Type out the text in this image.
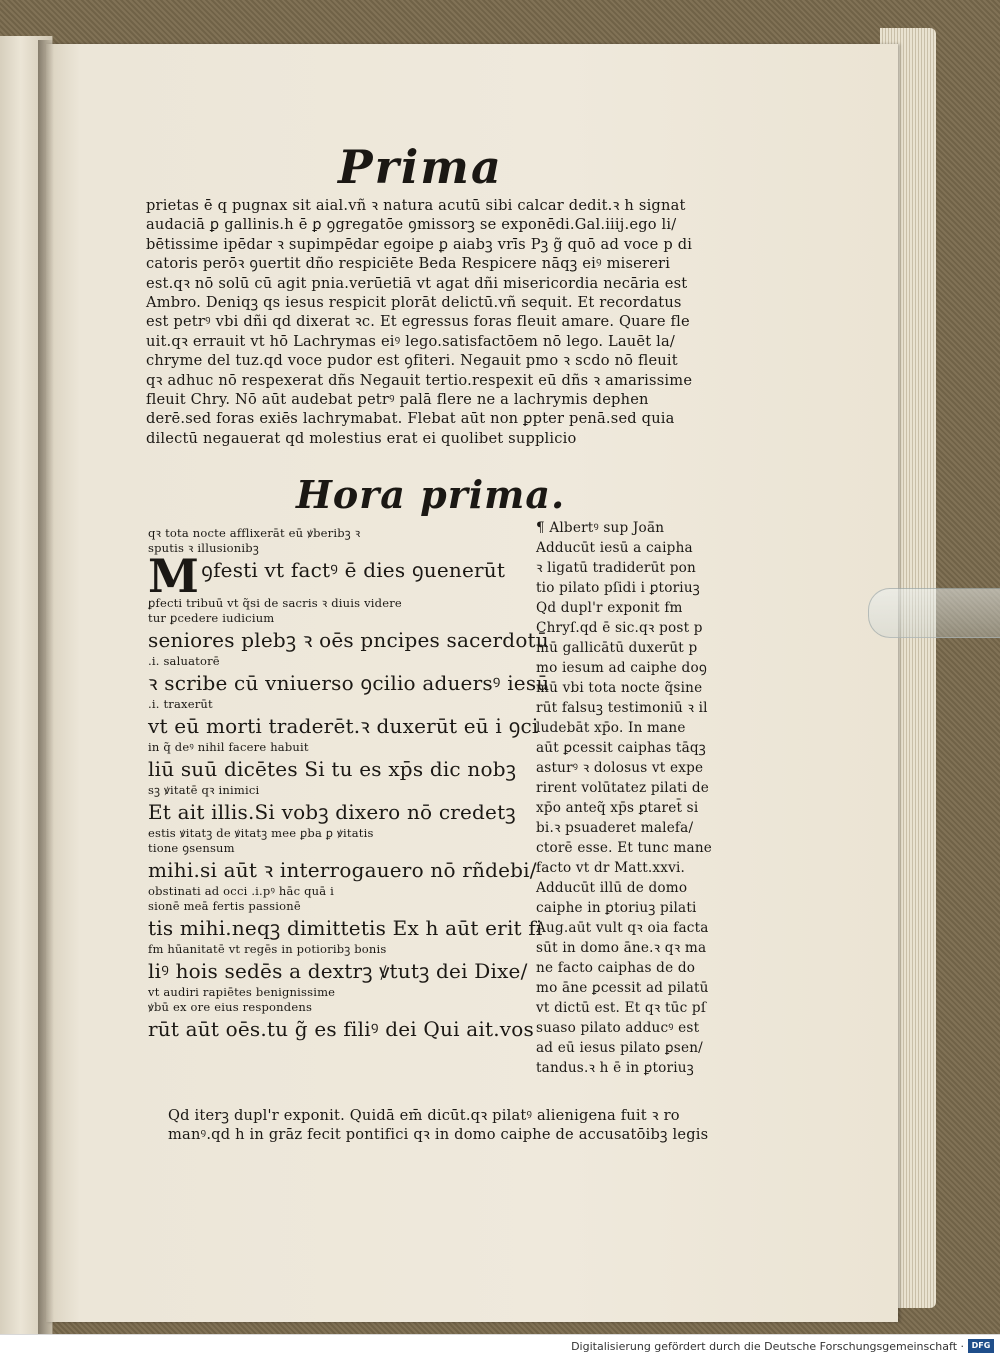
Prima
prietas ē q pugnax sit aial.vñ ꝛ natura acutū sibi calcar dedit.ꝛ h signat
audaciā ꝑ gallinis.h ē ꝑ ꝯgregatōe ꝯmissorꝫ se exponēdi.Gal.iiij.ego li/
bētissime ipēdar ꝛ supimpēdar egoipe ꝑ aiabꝫ vrīs Pꝫ g̃ quō ad voce p di
catoris perōꝛ ꝯuertit dño respiciēte Beda Respicere nāqꝫ eiꝰ misereri
est.qꝛ nō solū cū agit pnia.verūetiā vt agat dñi misericordia necāria est
Ambro. Deniqꝫ qs iesus respicit plorāt delictū.vñ sequit. Et recordatus
est petrꝰ vbi dñi qd dixerat ꝛc. Et egressus foras fleuit amare. Quare fle
uit.qꝛ errauit vt hō Lachrymas eiꝰ lego.satisfactōem nō lego. Lauēt la/
chryme del tuz.qd voce pudor est ꝯfiteri. Negauit pmo ꝛ scdo nō fleuit
qꝛ adhuc nō respexerat dñs Negauit tertio.respexit eū dñs ꝛ amarissime
fleuit Chry. Nō aūt audebat petrꝰ palā flere ne a lachrymis dephen
derē.sed foras exiēs lachrymabat. Flebat aūt non ꝑpter penā.sed quia
dilectū negauerat qd molestius erat ei quolibet supplicio
Hora prima.
qꝛ tota nocte afflixerāt eū ꝟberibꝫ ꝛ
sputis ꝛ illusionibꝫ
Mꝯfesti vt factꝰ ē dies ꝯuenerūt
ꝑfecti tribuū vt q̃si de sacris ꝛ diuis videre
tur ꝑcedere iudicium
seniores plebꝫ ꝛ oēs pncipes sacerdotū
.i. saluatorē
ꝛ scribe cū vniuerso ꝯcilio aduersꝰ iesū
.i. traxerūt
vt eū morti traderēt.ꝛ duxerūt eū i ꝯci
in q̃ deꝰ nihil facere habuit
liū suū dicētes Si tu es xp̄s dic nobꝫ
sꝫ ꝟitatē qꝛ inimici
Et ait illis.Si vobꝫ dixero nō credetꝫ
estis ꝟitatꝫ de ꝟitatꝫ mee ꝑba ꝑ ꝟitatis
tione ꝯsensum
mihi.si aūt ꝛ interrogauero nō rñdebi/
obstinati ad occi .i.pꝰ hāc quā i
sionē meā fertis passionē
tis mihi.neqꝫ dimittetis Ex h aūt erit fi
fm hūanitatē vt regēs in potioribꝫ bonis
liꝰ hois sedēs a dextrꝫ ꝟtutꝫ dei Dixe/
vt audiri rapiētes benignissime
ꝟbū ex ore eius respondens
rūt aūt oēs.tu g̃ es filiꝰ dei Qui ait.vos
¶ Albertꝰ sup Joā̄n
Adducūt iesū a caipha
ꝛ ligatū tradiderūt pon
tio pilato pſidi i ꝑtoriuꝫ
Qd dupl'r exponit fm
Chryſ.qd ē sic.qꝛ post p
mū gallicātū duxerūt p
mo iesum ad caiphe doꝯ
mū vbi tota nocte q̃sine
rūt falsuꝫ testimoniū ꝛ il
ludebāt xp̄o. In mane
aūt ꝑcessit caiphas tāqꝫ
asturꝰ ꝛ dolosus vt expe
rirent volūtatez pilati de
xp̄o anteq̃ xp̄s ꝑtaret̄ si
bi.ꝛ psuaderet malefa/
ctorē esse. Et tunc mane
facto vt dr Matt.xxvi.
Adducūt illū de domo
caiphe in ꝑtoriuꝫ pilati
Aug.aūt vult qꝛ oia facta
sūt in domo āne.ꝛ qꝛ ma
ne facto caiphas de do
mo āne ꝑcessit ad pilatū
vt dictū est. Et qꝛ tūc pſ
suaso pilato adducꝰ est
ad eū iesus pilato ꝑsen/
tandus.ꝛ h ē in ꝑtoriuꝫ
Qd iterꝫ dupl'r exponit. Quidā em̄ dicūt.qꝛ pilatꝰ alienigena fuit ꝛ ro
manꝰ.qd h in grāz fecit pontifici qꝛ in domo caiphe de accusatōibꝫ legis
Digitalisierung gefördert durch die Deutsche Forschungsgemeinschaft · DFG
